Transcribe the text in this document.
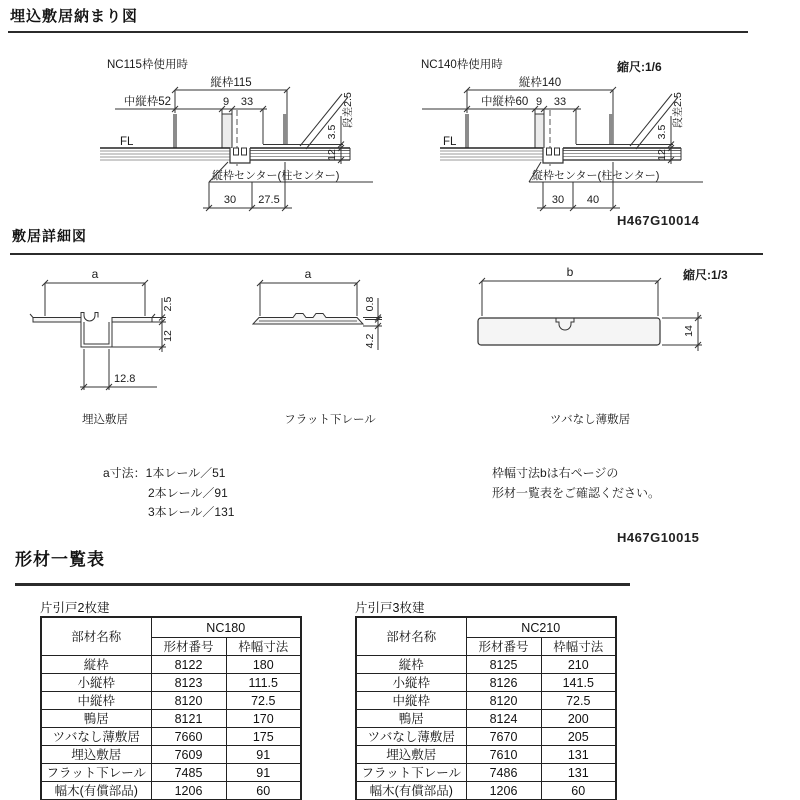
埋込敷居納まり図
NC115枠使用時
縦枠115
中縦枠52	9 33
FL
12
3.5
段差2.5
縦枠センター(柱センター)
30 27.5
NC140枠使用時
縦枠140
中縦枠60 9 33
FL
12
3.5
段差2.5
縦枠センター(柱センター)
30 40
縮尺:1/6
H467G10014
敷居詳細図
a
2.5
12
12.8
埋込敷居
a
0.8
4.2
フラット下レール
b
14
ツバなし薄敷居
縮尺:1/3
a寸法：1本レール／51
2本レール／91
3本レール／131
枠幅寸法bは右ページの
形材一覧表をご確認ください。
H467G10015
形材一覧表
片引戸2枚建
部材名称	NC180	
	形材番号	枠幅寸法
縦枠	8122	180
小縦枠	8123	111.5
中縦枠	8120	72.5
鴨居	8121	170
ツバなし薄敷居	7660	175
埋込敷居	7609	91
フラット下レール	7485	91
幅木(有償部品)	1206	60
片引戸3枚建
部材名称	NC210	
	形材番号	枠幅寸法
縦枠	8125	210
小縦枠	8126	141.5
中縦枠	8120	72.5
鴨居	8124	200
ツバなし薄敷居	7670	205
埋込敷居	7610	131
フラット下レール	7486	131
幅木(有償部品)	1206	60
